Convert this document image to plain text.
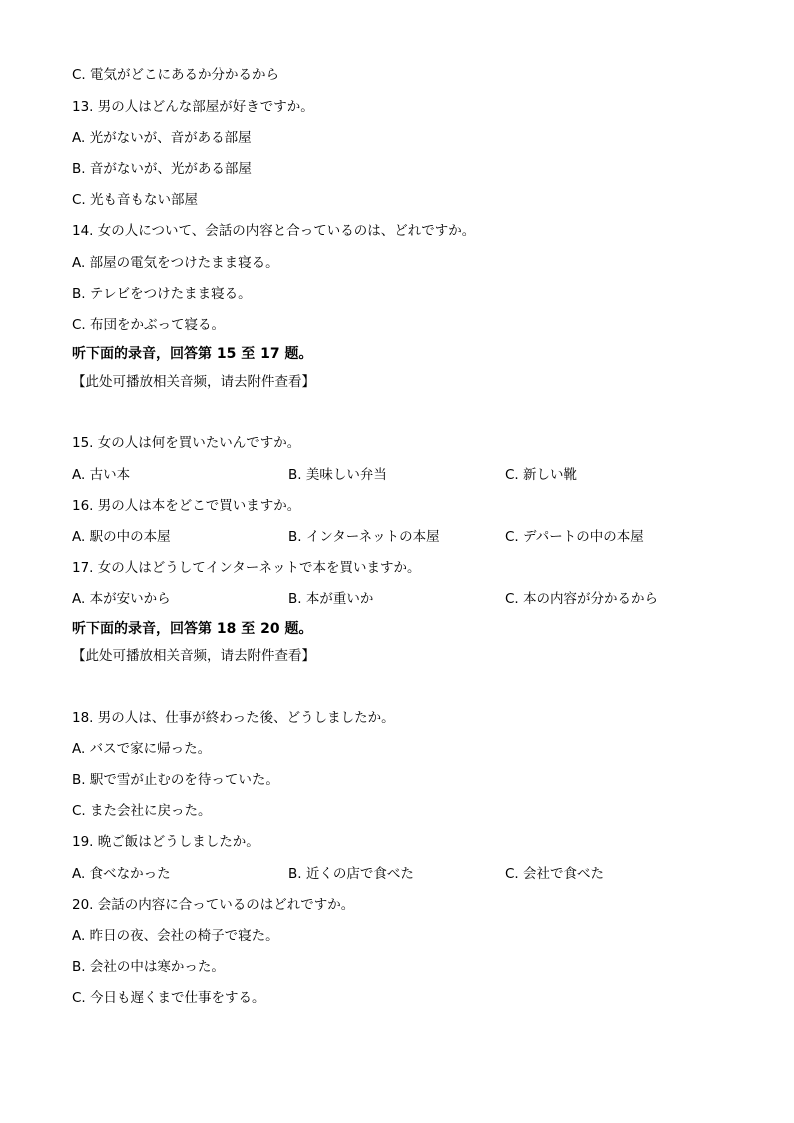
C. 電気がどこにあるか分かるから
13. 男の人はどんな部屋が好きですか。
A. 光がないが、音がある部屋
B. 音がないが、光がある部屋
C. 光も音もない部屋
14. 女の人について、会話の内容と合っているのは、どれですか。
A. 部屋の電気をつけたまま寝る。
B. テレビをつけたまま寝る。
C. 布団をかぶって寝る。
听下面的录音，回答第 15 至 17 题。
【此处可播放相关音频，请去附件查看】
15. 女の人は何を買いたいんですか。
A. 古い本	B. 美味しい弁当	C. 新しい靴
16. 男の人は本をどこで買いますか。
A. 駅の中の本屋	B. インターネットの本屋	C. デパートの中の本屋
17. 女の人はどうしてインターネットで本を買いますか。
A. 本が安いから	B. 本が重いか	C. 本の内容が分かるから
听下面的录音，回答第 18 至 20 题。
【此处可播放相关音频，请去附件查看】
18. 男の人は、仕事が終わった後、どうしましたか。
A. バスで家に帰った。
B. 駅で雪が止むのを待っていた。
C. また会社に戻った。
19. 晩ご飯はどうしましたか。
A. 食べなかった	B. 近くの店で食べた	C. 会社で食べた
20. 会話の内容に合っているのはどれですか。
A. 昨日の夜、会社の椅子で寝た。
B. 会社の中は寒かった。
C. 今日も遅くまで仕事をする。
